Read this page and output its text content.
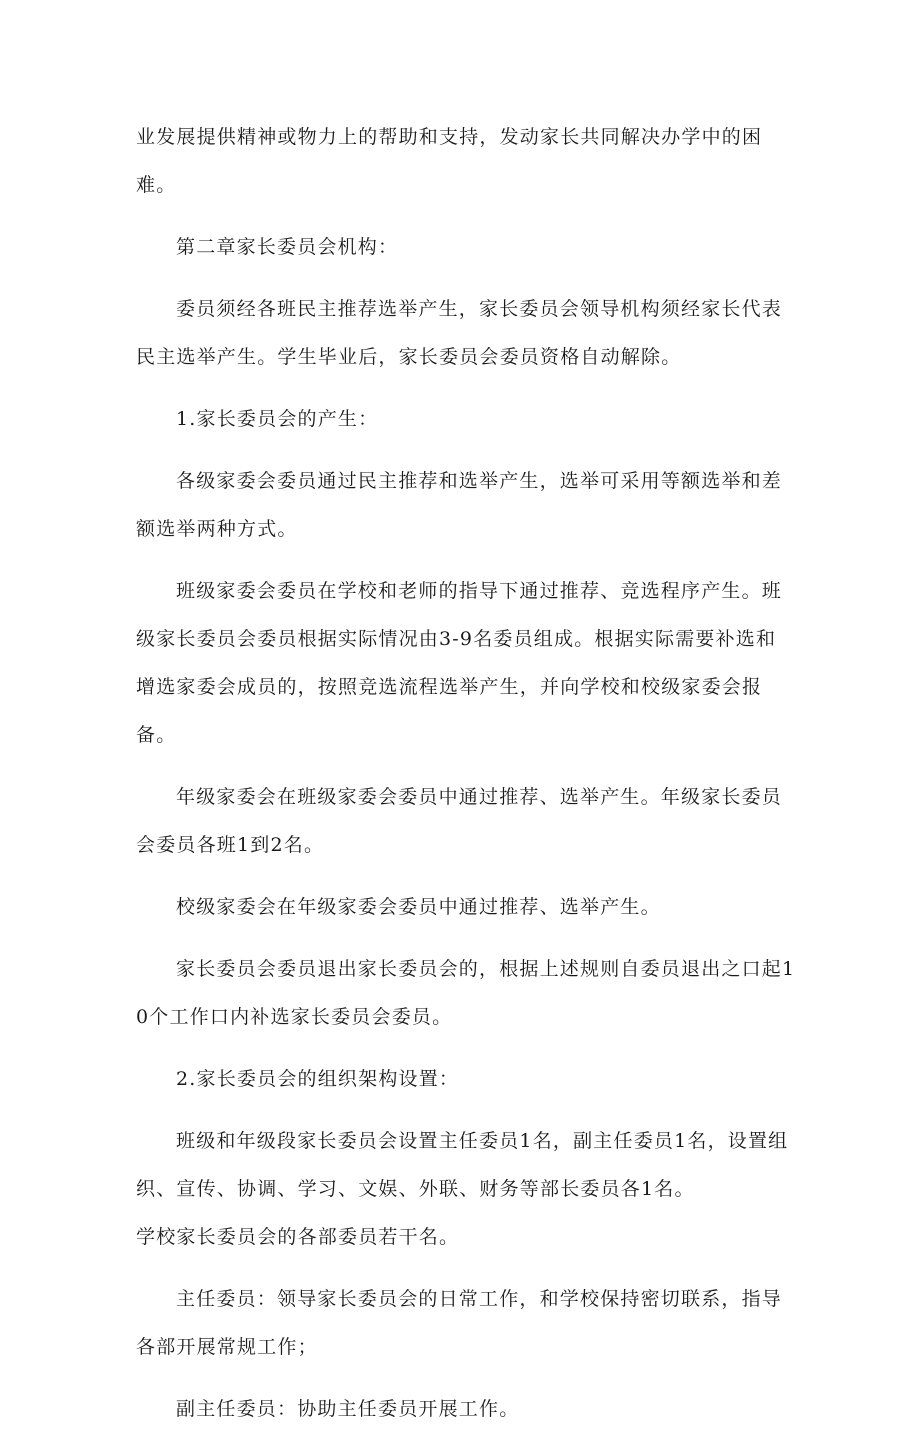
业发展提供精神或物力上的帮助和支持，发动家长共同解决办学中的困难。

第二章家长委员会机构：

委员须经各班民主推荐选举产生，家长委员会领导机构须经家长代表民主选举产生。学生毕业后，家长委员会委员资格自动解除。

1.家长委员会的产生：

各级家委会委员通过民主推荐和选举产生，选举可采用等额选举和差额选举两种方式。

班级家委会委员在学校和老师的指导下通过推荐、竞选程序产生。班级家长委员会委员根据实际情况由3-9名委员组成。根据实际需要补选和增选家委会成员的，按照竞选流程选举产生，并向学校和校级家委会报备。

年级家委会在班级家委会委员中通过推荐、选举产生。年级家长委员会委员各班1到2名。

校级家委会在年级家委会委员中通过推荐、选举产生。

家长委员会委员退出家长委员会的，根据上述规则自委员退出之口起10个工作口内补选家长委员会委员。

2.家长委员会的组织架构设置：

班级和年级段家长委员会设置主任委员1名，副主任委员1名，设置组织、宣传、协调、学习、文娱、外联、财务等部长委员各1名。

学校家长委员会的各部委员若干名。

主任委员：领导家长委员会的日常工作，和学校保持密切联系，指导各部开展常规工作；

副主任委员：协助主任委员开展工作。
